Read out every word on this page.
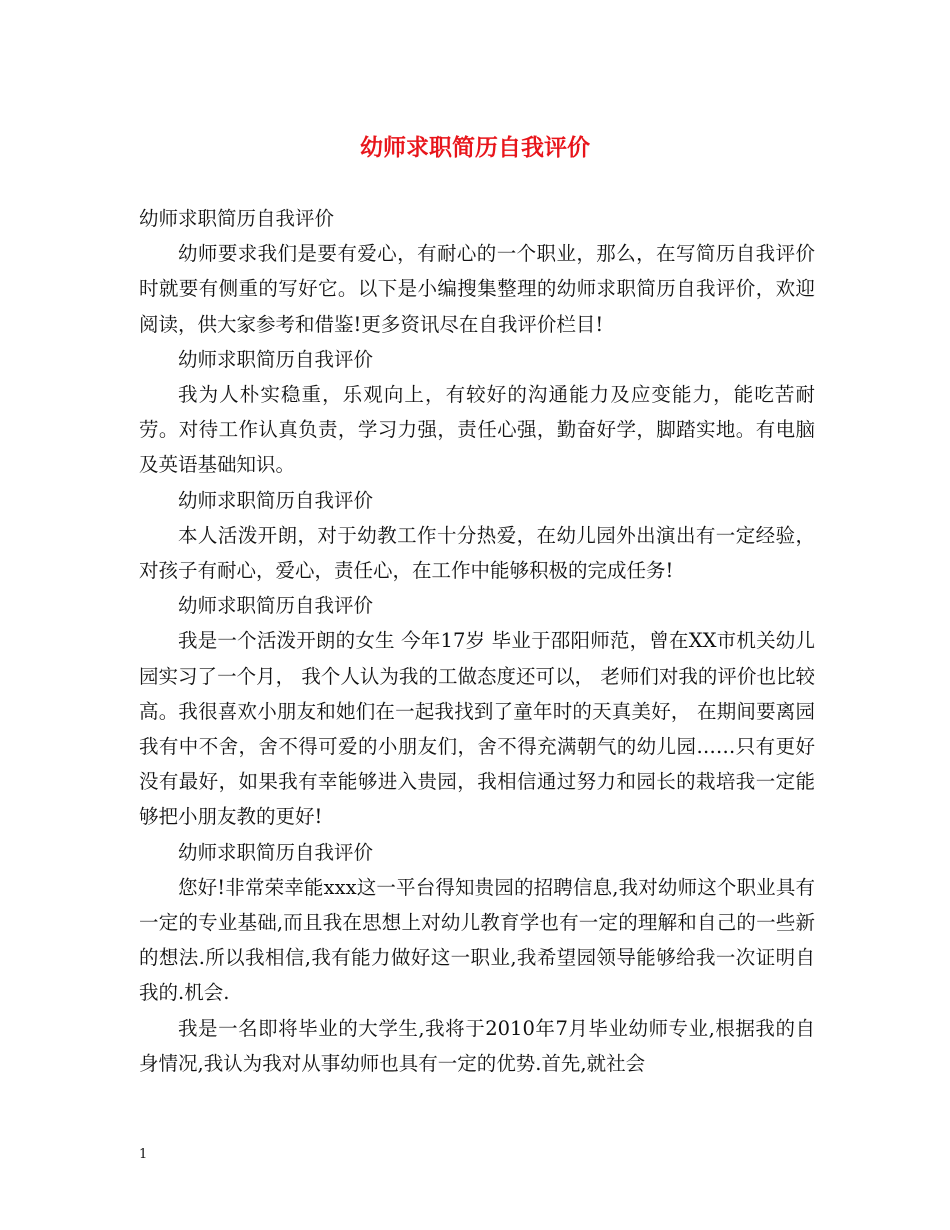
幼师求职简历自我评价

幼师求职简历自我评价

幼师要求我们是要有爱心，有耐心的一个职业，那么，在写简历自我评价时就要有侧重的写好它。以下是小编搜集整理的幼师求职简历自我评价，欢迎阅读，供大家参考和借鉴!更多资讯尽在自我评价栏目!

幼师求职简历自我评价

我为人朴实稳重，乐观向上，有较好的沟通能力及应变能力，能吃苦耐劳。对待工作认真负责，学习力强，责任心强，勤奋好学，脚踏实地。有电脑及英语基础知识。

幼师求职简历自我评价

本人活泼开朗，对于幼教工作十分热爱，在幼儿园外出演出有一定经验，对孩子有耐心，爱心，责任心，在工作中能够积极的完成任务!

幼师求职简历自我评价

我是一个活泼开朗的女生 今年17岁 毕业于邵阳师范，曾在XX市机关幼儿园实习了一个月， 我个人认为我的工做态度还可以， 老师们对我的评价也比较高。我很喜欢小朋友和她们在一起我找到了童年时的天真美好， 在期间要离园我有中不舍，舍不得可爱的小朋友们，舍不得充满朝气的幼儿园……只有更好没有最好，如果我有幸能够进入贵园，我相信通过努力和园长的栽培我一定能够把小朋友教的更好!

幼师求职简历自我评价

您好!非常荣幸能xxx这一平台得知贵园的招聘信息,我对幼师这个职业具有一定的专业基础,而且我在思想上对幼儿教育学也有一定的理解和自己的一些新的想法.所以我相信,我有能力做好这一职业,我希望园领导能够给我一次证明自我的.机会.

我是一名即将毕业的大学生,我将于2010年7月毕业幼师专业,根据我的自身情况,我认为我对从事幼师也具有一定的优势.首先,就社会

1
